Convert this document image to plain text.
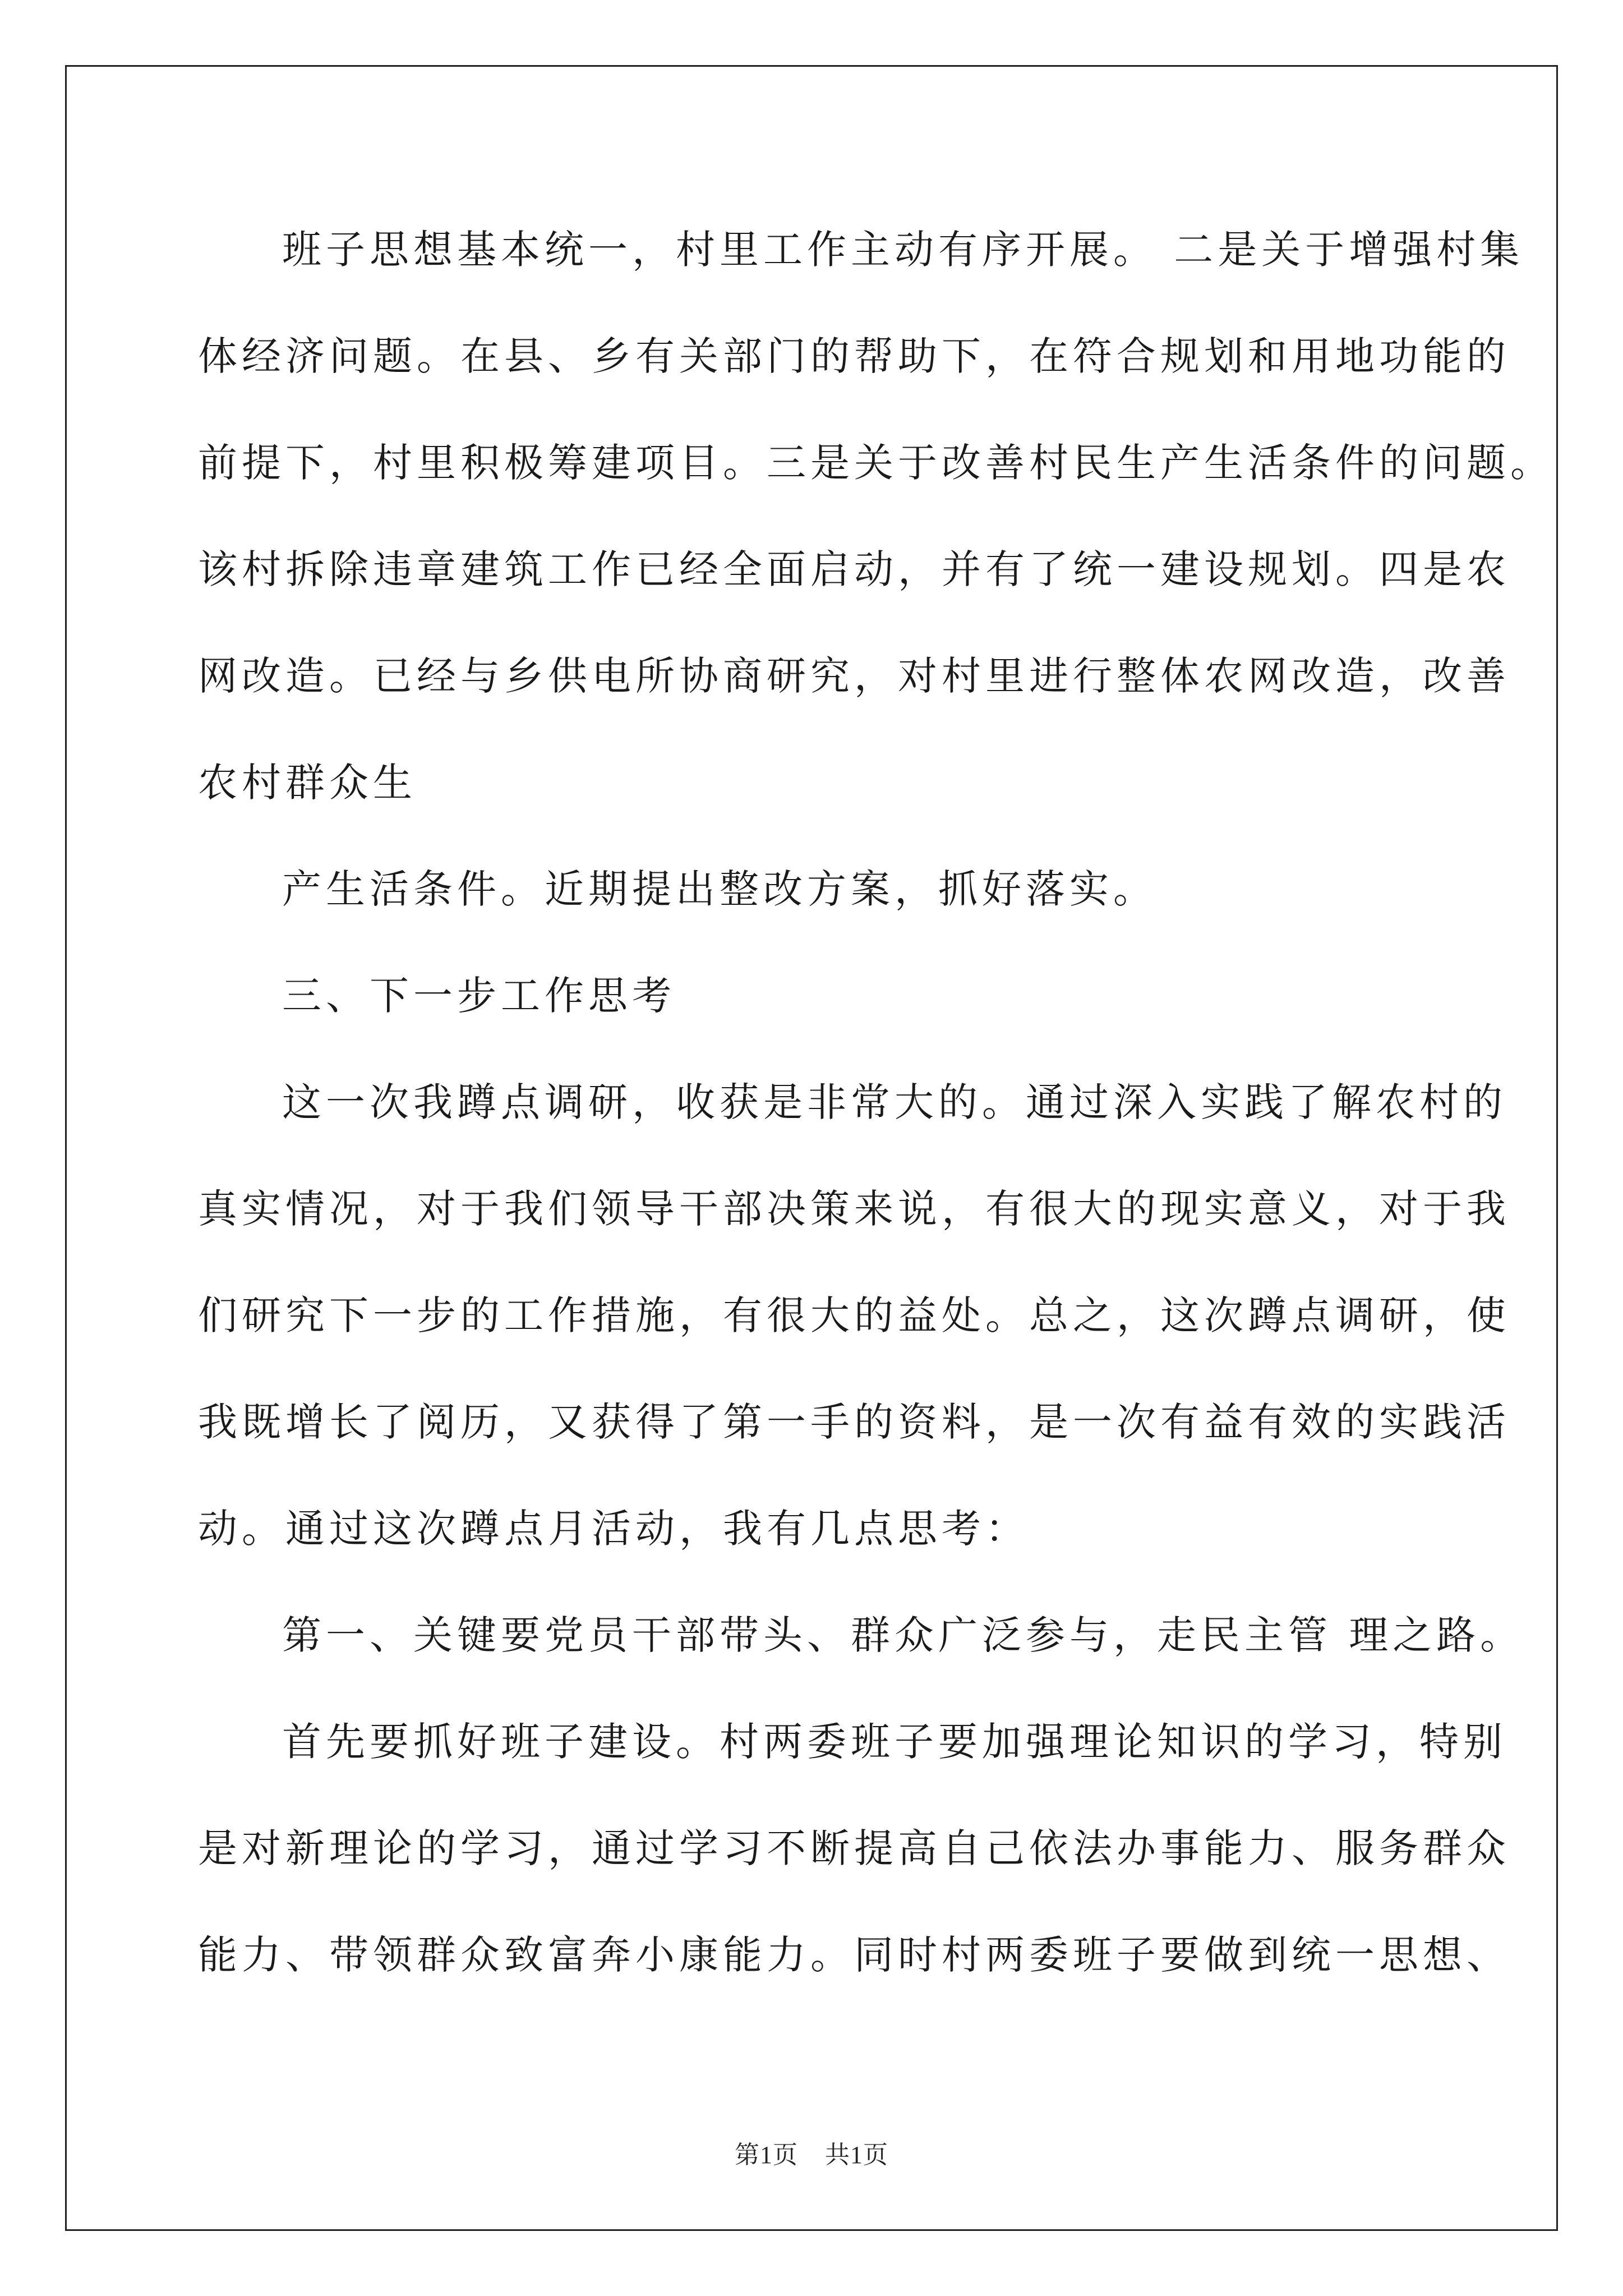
班子思想基本统一，村里工作主动有序开展。 二是关于增强村集
体经济问题。在县、乡有关部门的帮助下，在符合规划和用地功能的
前提下，村里积极筹建项目。三是关于改善村民生产生活条件的问题。
该村拆除违章建筑工作已经全面启动，并有了统一建设规划。四是农
网改造。已经与乡供电所协商研究，对村里进行整体农网改造，改善
农村群众生
产生活条件。近期提出整改方案，抓好落实。
三、下一步工作思考
这一次我蹲点调研，收获是非常大的。通过深入实践了解农村的
真实情况，对于我们领导干部决策来说，有很大的现实意义，对于我
们研究下一步的工作措施，有很大的益处。总之，这次蹲点调研，使
我既增长了阅历，又获得了第一手的资料，是一次有益有效的实践活
动。通过这次蹲点月活动，我有几点思考：
第一、关键要党员干部带头、群众广泛参与，走民主管 理之路。
首先要抓好班子建设。村两委班子要加强理论知识的学习，特别
是对新理论的学习，通过学习不断提高自己依法办事能力、服务群众
能力、带领群众致富奔小康能力。同时村两委班子要做到统一思想、
第1页 共1页
